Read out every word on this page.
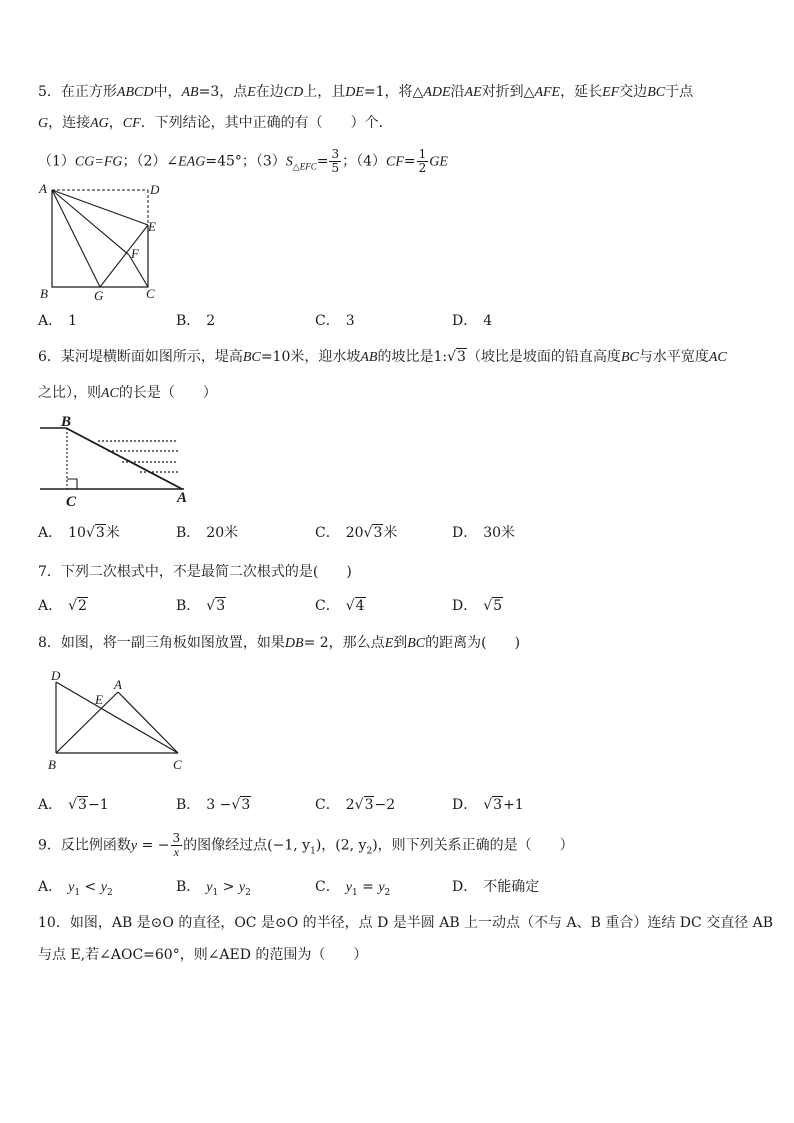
5．在正方形ABCD中，AB=3，点E在边CD上，且DE=1，将△ADE沿AE对折到△AFE，延长EF交边BC于点
G，连接AG，CF．下列结论，其中正确的有（　　）个．
（1）CG=FG；（2）∠EAG=45°；$(3)S_{\triangle EFC}= \frac{3}{5}$ ；$(4)CF= \frac{1}{2}$ GE
A	D
E
F
B	G	C
A． 1	B． 2	C． 3	D． 4
6．某河堤横断面如图所示，堤高BC=10米，迎水坡AB的坡比是1:√3（坡比是坡面的铅直高度BC与水平宽度AC
之比），则AC的长是（　　）
B
C	A
A． 10√3米	B． 20米	C． 20√3米	D． 30米
7．下列二次根式中，不是最简二次根式的是(　　)
A． √2	B． √3	C． √4	D． √5
8．如图，将一副三角板如图放置，如果DB= 2，那么点E到BC的距离为(　　)
D
E
A
B	C
A． √3−1	B． 3 −√3	C． 2√3−2	D． √3+1
9．反比例函数y = − $\frac{3}{x}$ 的图像经过点(−1, $y_1$)，(2, $y_2$)，则下列关系正确的是（　　）
A． $y_1 < y_2$	B． $y_1 > y_2$	C． $y_1 = y_2$	D． 不能确定
10．如图，AB 是⊙O 的直径，OC 是⊙O 的半径，点 D 是半圆 AB 上一动点（不与 A、B 重合）连结 DC 交直径 AB
与点 E,若∠AOC=60°，则∠AED 的范围为（　　）
